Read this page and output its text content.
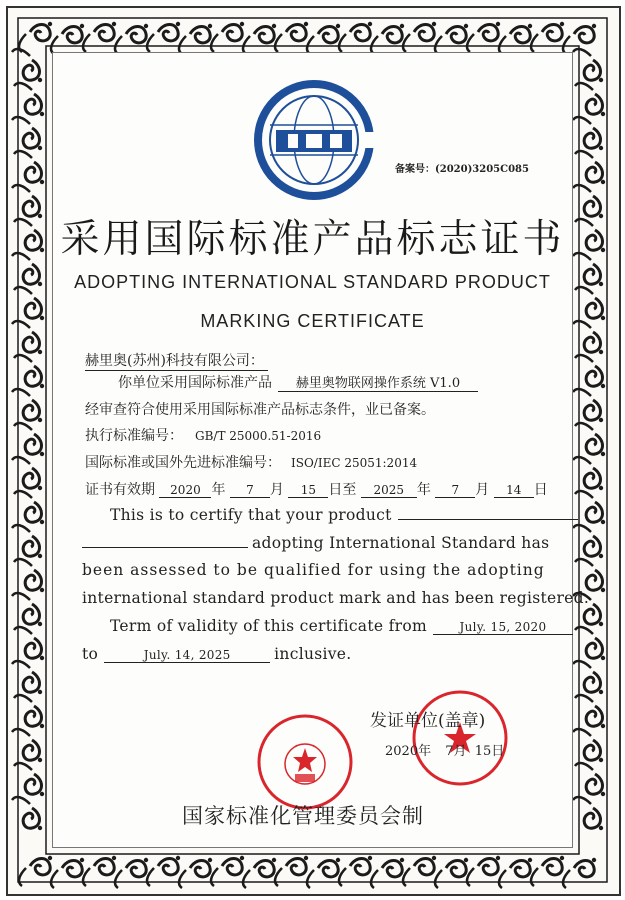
备案号：(2020)3205C085
采用国际标准产品标志证书
ADOPTING INTERNATIONAL STANDARD PRODUCT
MARKING CERTIFICATE
赫里奥(苏州)科技有限公司：
你单位采用国际标准产品 赫里奥物联网操作系统 V1.0
经审查符合使用采用国际标准产品标志条件，业已备案。
执行标准编号： GB/T 25000.51-2016
国际标准或国外先进标准编号： ISO/IEC 25051:2014
证书有效期 2020 年 7 月 15 日至 2025 年 7 月 14 日
This is to certify that your product
adopting International Standard has
been assessed to be qualified for using the adopting
international standard product mark and has been registered.
Term of validity of this certificate from	July. 15, 2020
to	July. 14, 2025	inclusive.
发证单位(盖章)
2020年 7月 15日
国家标准化管理委员会制
